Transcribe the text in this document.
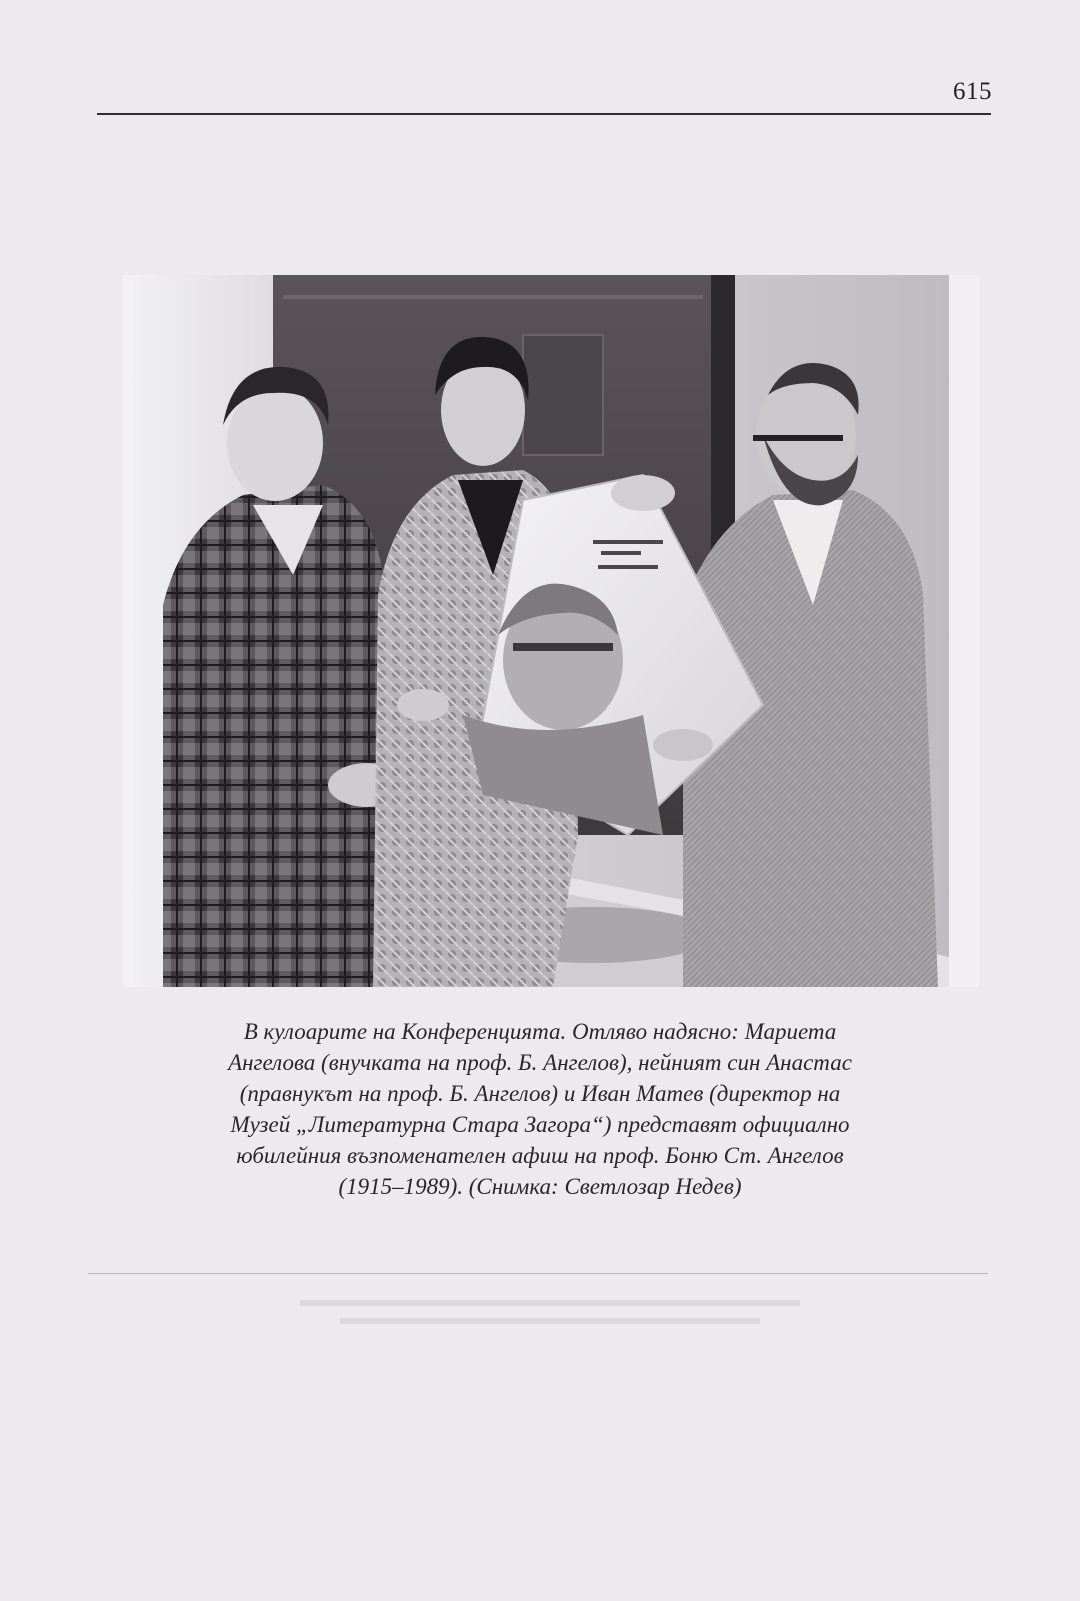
615
В кулоарите на Конференцията. Отляво надясно: Мариета
Ангелова (внучката на проф. Б. Ангелов), нейният син Анастас
(правнукът на проф. Б. Ангелов) и Иван Матев (директор на
Музей „Литературна Стара Загора“) представят официално
юбилейния възпоменателен афиш на проф. Боню Ст. Ангелов
(1915–1989). (Снимка: Светлозар Недев)
